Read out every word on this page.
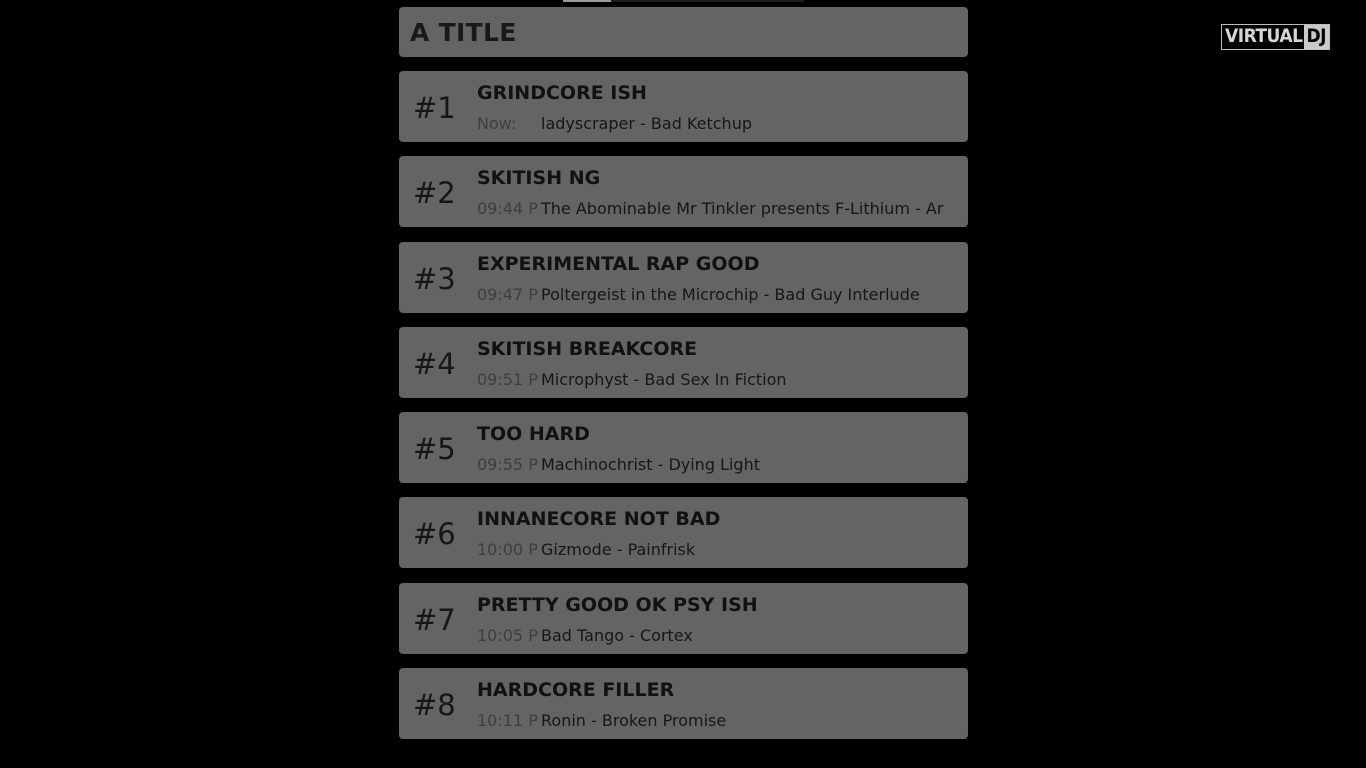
A TITLE
#1 GRINDCORE ISH
Now: ladyscraper - Bad Ketchup
#2 SKITISH NG
09:44 P The Abominable Mr Tinkler presents F-Lithium - Ar
#3 EXPERIMENTAL RAP GOOD
09:47 P Poltergeist in the Microchip - Bad Guy Interlude
#4 SKITISH BREAKCORE
09:51 P Microphyst - Bad Sex In Fiction
#5 TOO HARD
09:55 P Machinochrist - Dying Light
#6 INNANECORE NOT BAD
10:00 P Gizmode - Painfrisk
#7 PRETTY GOOD OK PSY ISH
10:05 P Bad Tango - Cortex
#8 HARDCORE FILLER
10:11 P Ronin - Broken Promise
VIRTUAL DJ
